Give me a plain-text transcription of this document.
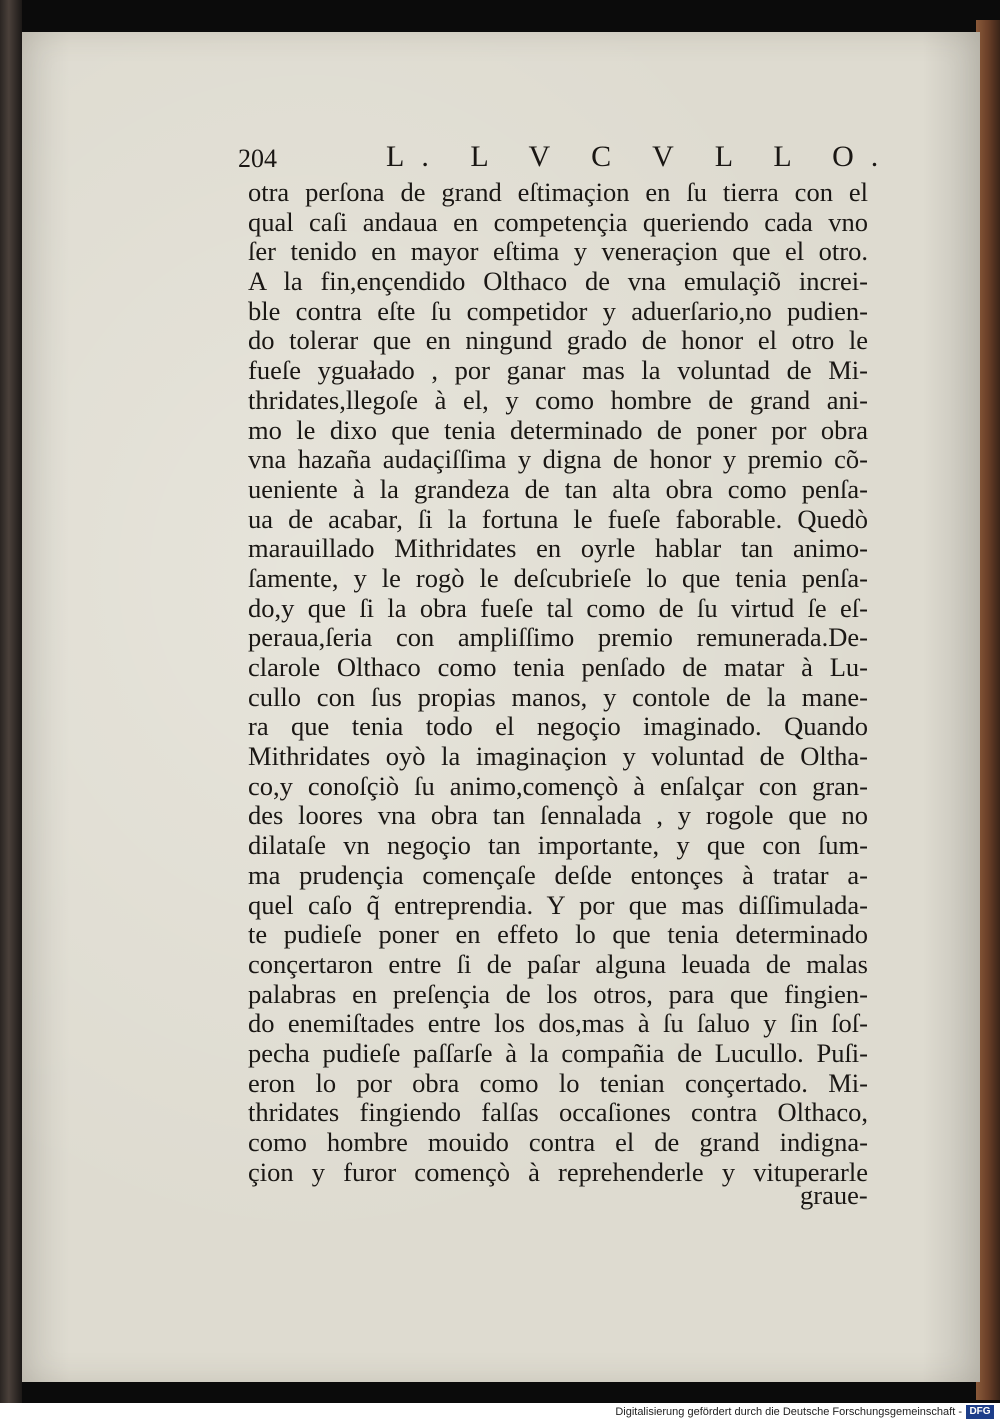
204	L. L V C V L L O.
otra perſona de grand eſtimaçion en ſu tierra con el
qual caſi andaua en competençia queriendo cada vno
ſer tenido en mayor eſtima y veneraçion que el otro.
A la fin,ençendido Olthaco de vna emulaçiõ increi-
ble contra eſte ſu competidor y aduerſario,no pudien-
do tolerar que en ningund grado de honor el otro le
fueſe yguałado , por ganar mas la voluntad de Mi-
thridates,llegoſe à el, y como hombre de grand ani-
mo le dixo que tenia determinado de poner por obra
vna hazaña audaçiſſima y digna de honor y premio cõ-
ueniente à la grandeza de tan alta obra como penſa-
ua de acabar, ſi la fortuna le fueſe faborable. Quedò
marauillado Mithridates en oyrle hablar tan animo-
ſamente, y le rogò le deſcubrieſe lo que tenia penſa-
do,y que ſi la obra fueſe tal como de ſu virtud ſe eſ-
peraua,ſeria con ampliſſimo premio remunerada.De-
clarole Olthaco como tenia penſado de matar à Lu-
cullo con ſus propias manos, y contole de la mane-
ra que tenia todo el negoçio imaginado. Quando
Mithridates oyò la imaginaçion y voluntad de Oltha-
co,y conoſçiò ſu animo,començò à enſalçar con gran-
des loores vna obra tan ſennalada , y rogole que no
dilataſe vn negoçio tan importante, y que con ſum-
ma prudençia començaſe deſde entonçes à tratar a-
quel caſo q̃ entreprendia. Y por que mas diſſimulada-
te pudieſe poner en effeto lo que tenia determinado
conçertaron entre ſi de paſar alguna leuada de malas
palabras en preſençia de los otros, para que fingien-
do enemiſtades entre los dos,mas à ſu ſaluo y ſin ſoſ-
pecha pudieſe paſſarſe à la compañia de Lucullo. Puſi-
eron lo por obra como lo tenian conçertado. Mi-
thridates fingiendo falſas occaſiones contra Olthaco,
como hombre mouido contra el de grand indigna-
çion y furor començò à reprehenderle y vituperarle
graue-
Digitalisierung gefördert durch die Deutsche Forschungsgemeinschaft - DFG
